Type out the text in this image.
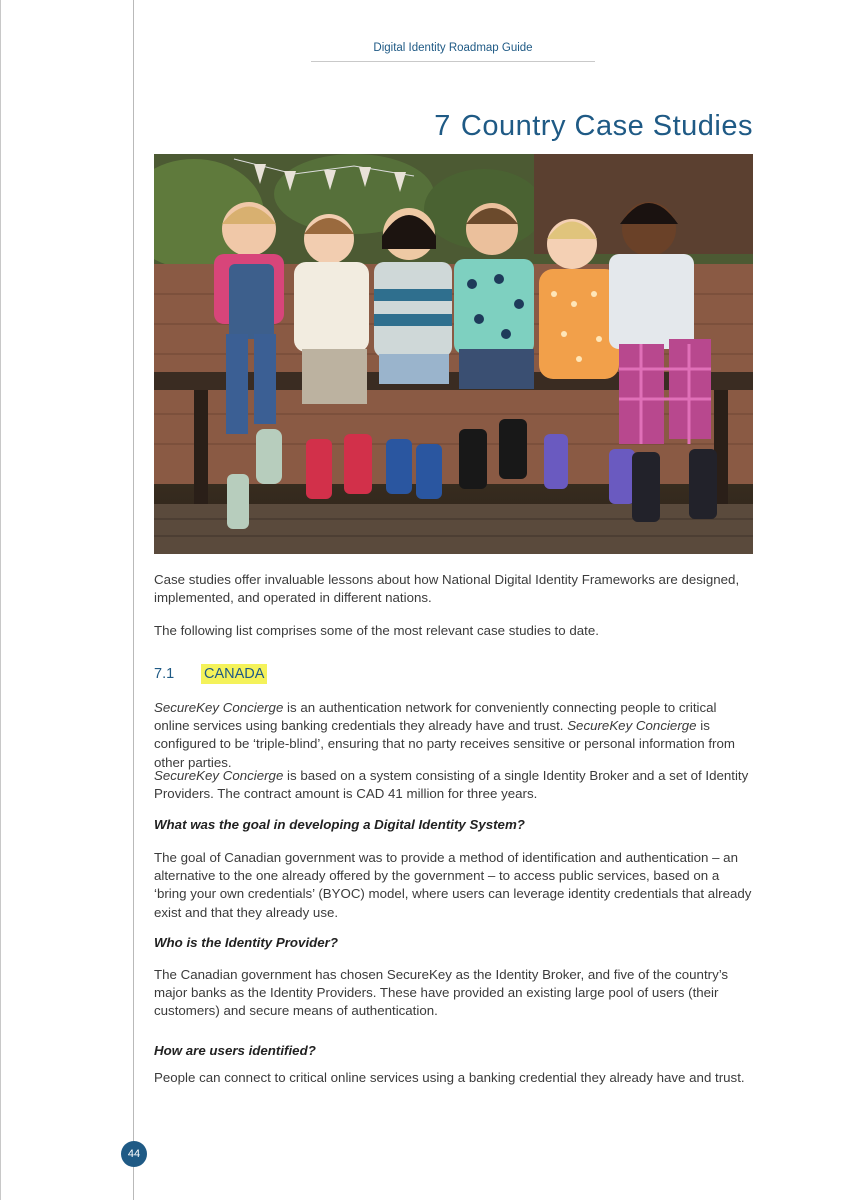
Digital Identity Roadmap Guide
7 Country Case Studies

Case studies offer invaluable lessons about how National Digital Identity Frameworks are designed, implemented, and operated in different nations.

The following list comprises some of the most relevant case studies to date.

7.1 CANADA

SecureKey Concierge is an authentication network for conveniently connecting people to critical online services using banking credentials they already have and trust. SecureKey Concierge is configured to be ‘triple-blind’, ensuring that no party receives sensitive or personal information from other parties.

SecureKey Concierge is based on a system consisting of a single Identity Broker and a set of Identity Providers. The contract amount is CAD 41 million for three years.

What was the goal in developing a Digital Identity System?

The goal of Canadian government was to provide a method of identification and authentication – an alternative to the one already offered by the government – to access public services, based on a ‘bring your own credentials’ (BYOC) model, where users can leverage identity credentials that already exist and that they already use.

Who is the Identity Provider?

The Canadian government has chosen SecureKey as the Identity Broker, and five of the country’s major banks as the Identity Providers. These have provided an existing large pool of users (their customers) and secure means of authentication.

How are users identified?

People can connect to critical online services using a banking credential they already have and trust.

44
